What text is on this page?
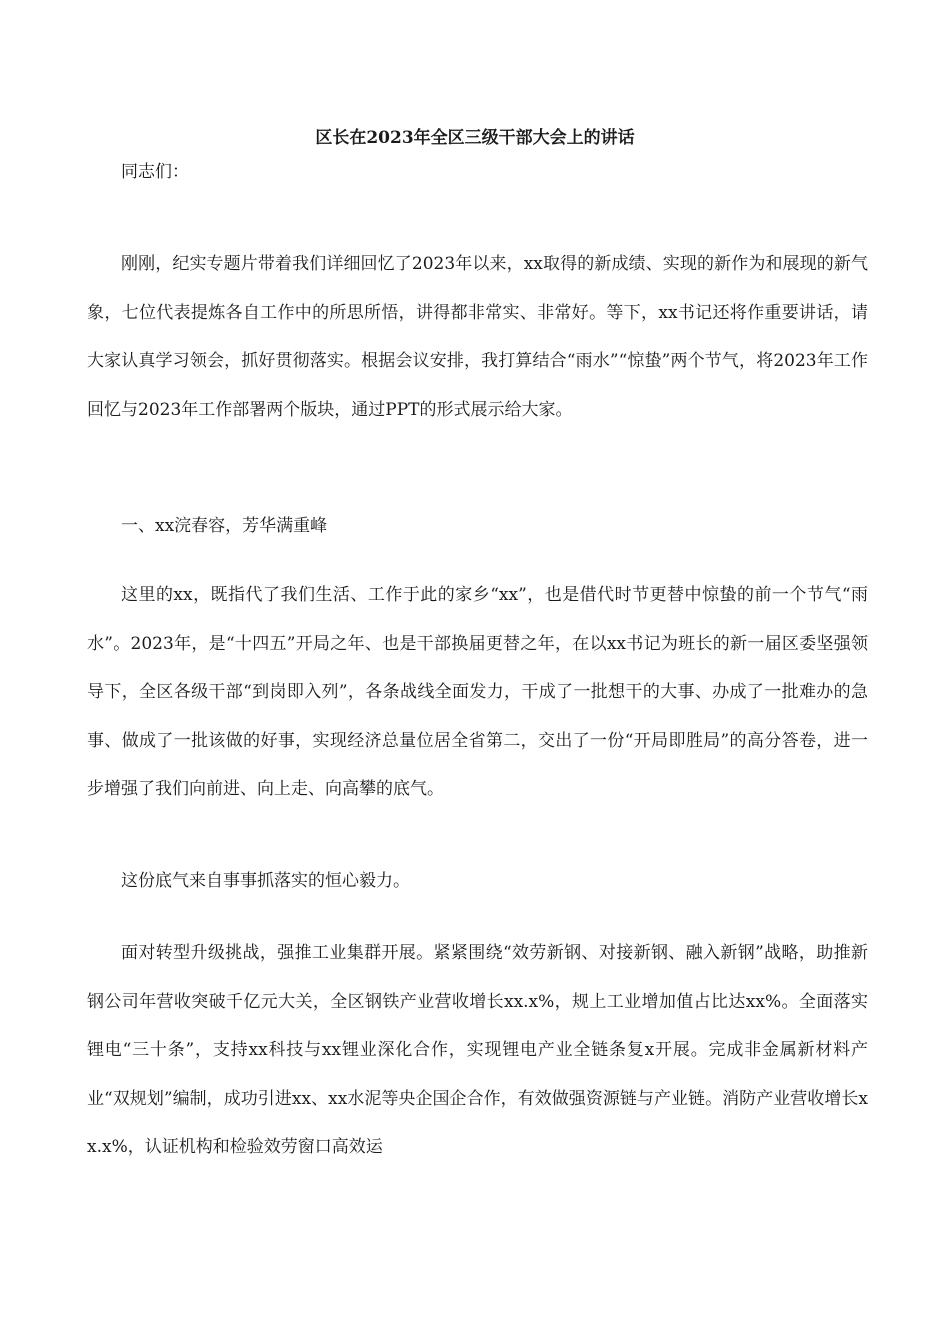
区长在2023年全区三级干部大会上的讲话

同志们：

刚刚，纪实专题片带着我们详细回忆了2023年以来，xx取得的新成绩、实现的新作为和展现的新气象，七位代表提炼各自工作中的所思所悟，讲得都非常实、非常好。等下，xx书记还将作重要讲话，请大家认真学习领会，抓好贯彻落实。根据会议安排，我打算结合“雨水”“惊蛰”两个节气，将2023年工作回忆与2023年工作部署两个版块，通过PPT的形式展示给大家。

一、xx浣春容，芳华满重峰

这里的xx，既指代了我们生活、工作于此的家乡“xx”，也是借代时节更替中惊蛰的前一个节气“雨水”。2023年，是“十四五”开局之年、也是干部换届更替之年，在以xx书记为班长的新一届区委坚强领导下，全区各级干部“到岗即入列”，各条战线全面发力，干成了一批想干的大事、办成了一批难办的急事、做成了一批该做的好事，实现经济总量位居全省第二，交出了一份“开局即胜局”的高分答卷，进一步增强了我们向前进、向上走、向高攀的底气。

这份底气来自事事抓落实的恒心毅力。

面对转型升级挑战，强推工业集群开展。紧紧围绕“效劳新钢、对接新钢、融入新钢”战略，助推新钢公司年营收突破千亿元大关，全区钢铁产业营收增长xx.x%，规上工业增加值占比达xx%。全面落实锂电“三十条”，支持xx科技与xx锂业深化合作，实现锂电产业全链条复x开展。完成非金属新材料产业“双规划”编制，成功引进xx、xx水泥等央企国企合作，有效做强资源链与产业链。消防产业营收增长xx.x%，认证机构和检验效劳窗口高效运
